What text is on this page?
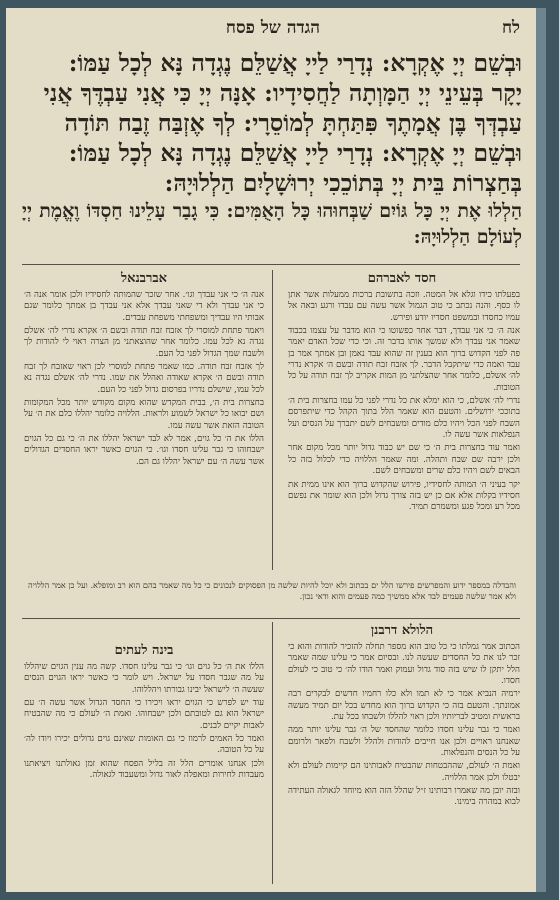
הגדה של פסח	לח

וּבְשֵׁם יְיָ אֶקְרָא: נְדָרַי לַייָ אֲשַׁלֵּם נֶגְדָה נָּא לְכָל עַמּוֹ:

יָקָר בְּעֵינֵי יְיָ הַמָּוְתָה לַחֲסִידָיו: אָנָּה יְיָ כִּי אֲנִי עַבְדֶּךָ אֲנִי

עַבְדְּךָ בֶּן אֲמָתֶךָ פִּתַּחְתָּ לְמוֹסֵרָי: לְךָ אֶזְבַּח זֶבַח תּוֹדָה

וּבְשֵׁם יְיָ אֶקְרָא: נְדָרַי לַייָ אֲשַׁלֵּם נֶגְדָה נָּא לְכָל עַמּוֹ:

בְּחַצְרוֹת בֵּית יְיָ בְּתוֹכֵכִי יְרוּשָׁלָיִם הַלְלוּיָהּ:

הַלְלוּ אֶת יְיָ כָּל גּוֹיִם שַׁבְּחוּהוּ כָּל הָאֻמִּים: כִּי גָבַר עָלֵינוּ חַסְדּוֹ וֶאֱמֶת יְיָ לְעוֹלָם הַלְלוּיָהּ:

חסד לאברהם
אברבנאל

בפעלתו כידו וגלא אל המטה. וזכה בתשובת ברכות ממעלות אשר אתן לו כסף. והנה נכתב כי טוב הגמול אשר עשה עם עבדו ורגע ובאה אל עמיו כחסדו ובמשפט חסדיו יודע ופירש.

אנה ה׳ כי אני עבדך, דבר אחר כפשוטו כי הוא מדבר על עצמו בכבוד שאמר אני עבדך ולא שמשך אותו בדבר זה. וכי כדי שכל האדם יאמר פה לפני הקדוש ברוך הוא בענין זה שהוא עבד נאמן ובן אמתך אמר בן עבד ואמה כדי שיתקבל הדבר. לך אזבח זבח תודה ובשם ה׳ אקרא נדרי לה׳ אשלם, כלומר אחר שהצלתני מן המות אקריב לך זבח תודה על כל הטובות.

נדרי לה׳ אשלם, כי הוא ימלא את כל נדרי לפני כל עמו בחצרות בית ה׳ בתוככי ירושלים. והטעם הוא שאמר הלל בתוך הקהל כדי שיתפרסם השבח לפני הכל ויהיו כלם מודים ומשבחים לשם יתברך על הנסים ועל הנפלאות אשר עשה לו.

ואמר עוד בחצרות בית ה׳ כי שם יש כבוד גדול יותר מכל מקום אחר ולכן ירבה שם שבח ותהלה. ומה שאמר הללויה כדי לכלול בזה כל הבאים לשם ויהיו כלם שרים ומשבחים לשם.

יקר בעיני ה׳ המותה לחסידיו, פירוש שהקדוש ברוך הוא אינו ממית את חסידיו בקלות אלא אם כן יש בזה צורך גדול ולכן הוא שומר את נפשם מכל רע ומכל פגע ומשמרם תמיד.

אנה ה׳ כי אני עבדך וגו׳. אחר שזכר שהמותה לחסידיו ולכן אומר אנה ה׳ כי אני עבדך ולא די שאני עבדך אלא אני עבדך בן אמתך כלומר שגם אבותי היו עבדיך ומשפחתי משפחת עבדים.

ויאמר פתחת למוסרי לך אזבח זבח תודה ובשם ה׳ אקרא נדרי לה׳ אשלם נגדה נא לכל עמו. כלומר אחר שהוצאתני מן הצרה ראוי לי להודות לך ולשבח שמך הגדול לפני כל העם.

לך אזבח זבח תודה. כמו שאמר פתחת למוסרי לכן ראוי שאזבח לך זבח תודה ובשם ה׳ אקרא שאודה ואהלל את שמו. נדרי לה׳ אשלם נגדה נא לכל עמו, שישלם נדריו בפרסום גדול לפני כל העם.

בחצרות בית ה׳, בבית המקדש שהוא מקום מקודש יותר מכל המקומות ושם יבואו כל ישראל לשמוע ולראות. הללויה כלומר יהללו כלם את ה׳ על הטובה הזאת אשר עשה עמו.

הללו את ה׳ כל גוים, אמר לא לבד ישראל יהללו את ה׳ כי גם כל הגוים ישבחוהו כי גבר עלינו חסדו וגו׳. כי הגוים כאשר יראו החסדים הגדולים אשר עשה ה׳ עם ישראל יהללו גם הם.

והבדלה במספר ידוע והמפרשים פירשו הלל ים בכתוב ולא יוכל להיות שלשה מן הפסוקים לנכונים כי כל מה שאמר בהם הוא רב ומופלא. ועל כן אמר הללויה ולא אמר שלשה פעמים לבד אלא ממשיך כמה פעמים והוא ודאי נכון.
הלולא דרבנן
בינה לעתים	הכתוב אמר גמלתו כי כל טוב הוא מספר תחלה להזכיר להודות והוא כי זכר לנו את כל החסדים שעשה לנו. ובסיום אמר כי עלינו שמה שאמר הלל יתקן לו שיש בזה סוד גדול ועמוק ואמר הודו לה׳ כי טוב כי לעולם חסדו.

ירמיה הנביא אמר כי לא תמו ולא כלו רחמיו חדשים לבקרים רבה אמונתך. והטעם בזה כי הקדוש ברוך הוא מחדש בכל יום תמיד מעשה בראשית ומטיב לבריותיו ולכן ראוי להללו ולשבחו בכל עת.

ואמר כי גבר עלינו חסדו כלומר שהחסד של ה׳ גבר עלינו יותר ממה שאנחנו ראויים ולכן אנו חייבים להודות ולהלל ולשבח ולפאר ולרומם על כל הנסים והנפלאות.

ואמת ה׳ לעולם, שההבטחות שהבטיח לאבותינו הם קיימות לעולם ולא יבטלו ולכן אמר הללויה.

ובזה יובן מה שאמרו רבותינו ז״ל שהלל הזה הוא מיוחד לגאולה העתידה לבוא במהרה בימינו.

הללו את ה׳ כל גוים וגו׳ כי גבר עלינו חסדו. קשה מה ענין הגוים שיהללו על מה שגבר חסדו על ישראל. ויש לומר כי כאשר יראו הגוים הנסים שעשה ה׳ לישראל יבינו גבורתו ויהללוהו.

עוד יש לפרש כי הגוים יראו ויכירו כי החסד הגדול אשר עשה ה׳ עם ישראל הוא גם לטובתם ולכן ישבחוהו. ואמת ה׳ לעולם כי מה שהבטיח לאבות יקיים לבנים.

ואמר כל האמים לרמוז כי גם האומות שאינם גוים גדולים יכירו ויודו לה׳ על כל הטובה.

ולכן אנחנו אומרים הלל זה בליל הפסח שהוא זמן גאולתנו ויציאתנו מעבדות לחירות ומאפלה לאור גדול ומשעבוד לגאולה.
